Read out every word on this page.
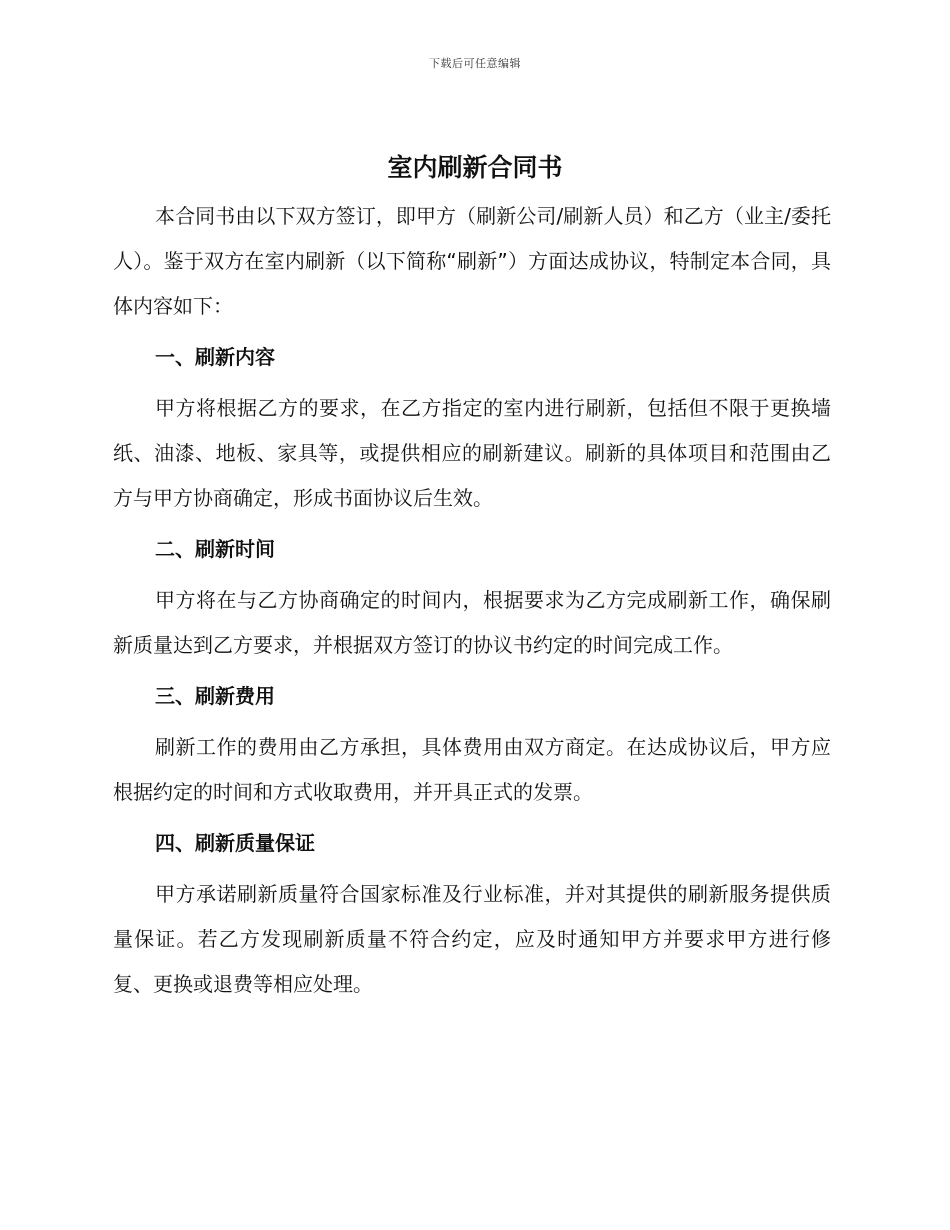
下载后可任意编辑
室内刷新合同书

本合同书由以下双方签订，即甲方（刷新公司/刷新人员）和乙方（业主/委托人）。鉴于双方在室内刷新（以下简称“刷新”）方面达成协议，特制定本合同，具体内容如下：

一、刷新内容

甲方将根据乙方的要求，在乙方指定的室内进行刷新，包括但不限于更换墙纸、油漆、地板、家具等，或提供相应的刷新建议。刷新的具体项目和范围由乙方与甲方协商确定，形成书面协议后生效。

二、刷新时间

甲方将在与乙方协商确定的时间内，根据要求为乙方完成刷新工作，确保刷新质量达到乙方要求，并根据双方签订的协议书约定的时间完成工作。

三、刷新费用

刷新工作的费用由乙方承担，具体费用由双方商定。在达成协议后，甲方应根据约定的时间和方式收取费用，并开具正式的发票。

四、刷新质量保证

甲方承诺刷新质量符合国家标准及行业标准，并对其提供的刷新服务提供质量保证。若乙方发现刷新质量不符合约定，应及时通知甲方并要求甲方进行修复、更换或退费等相应处理。
